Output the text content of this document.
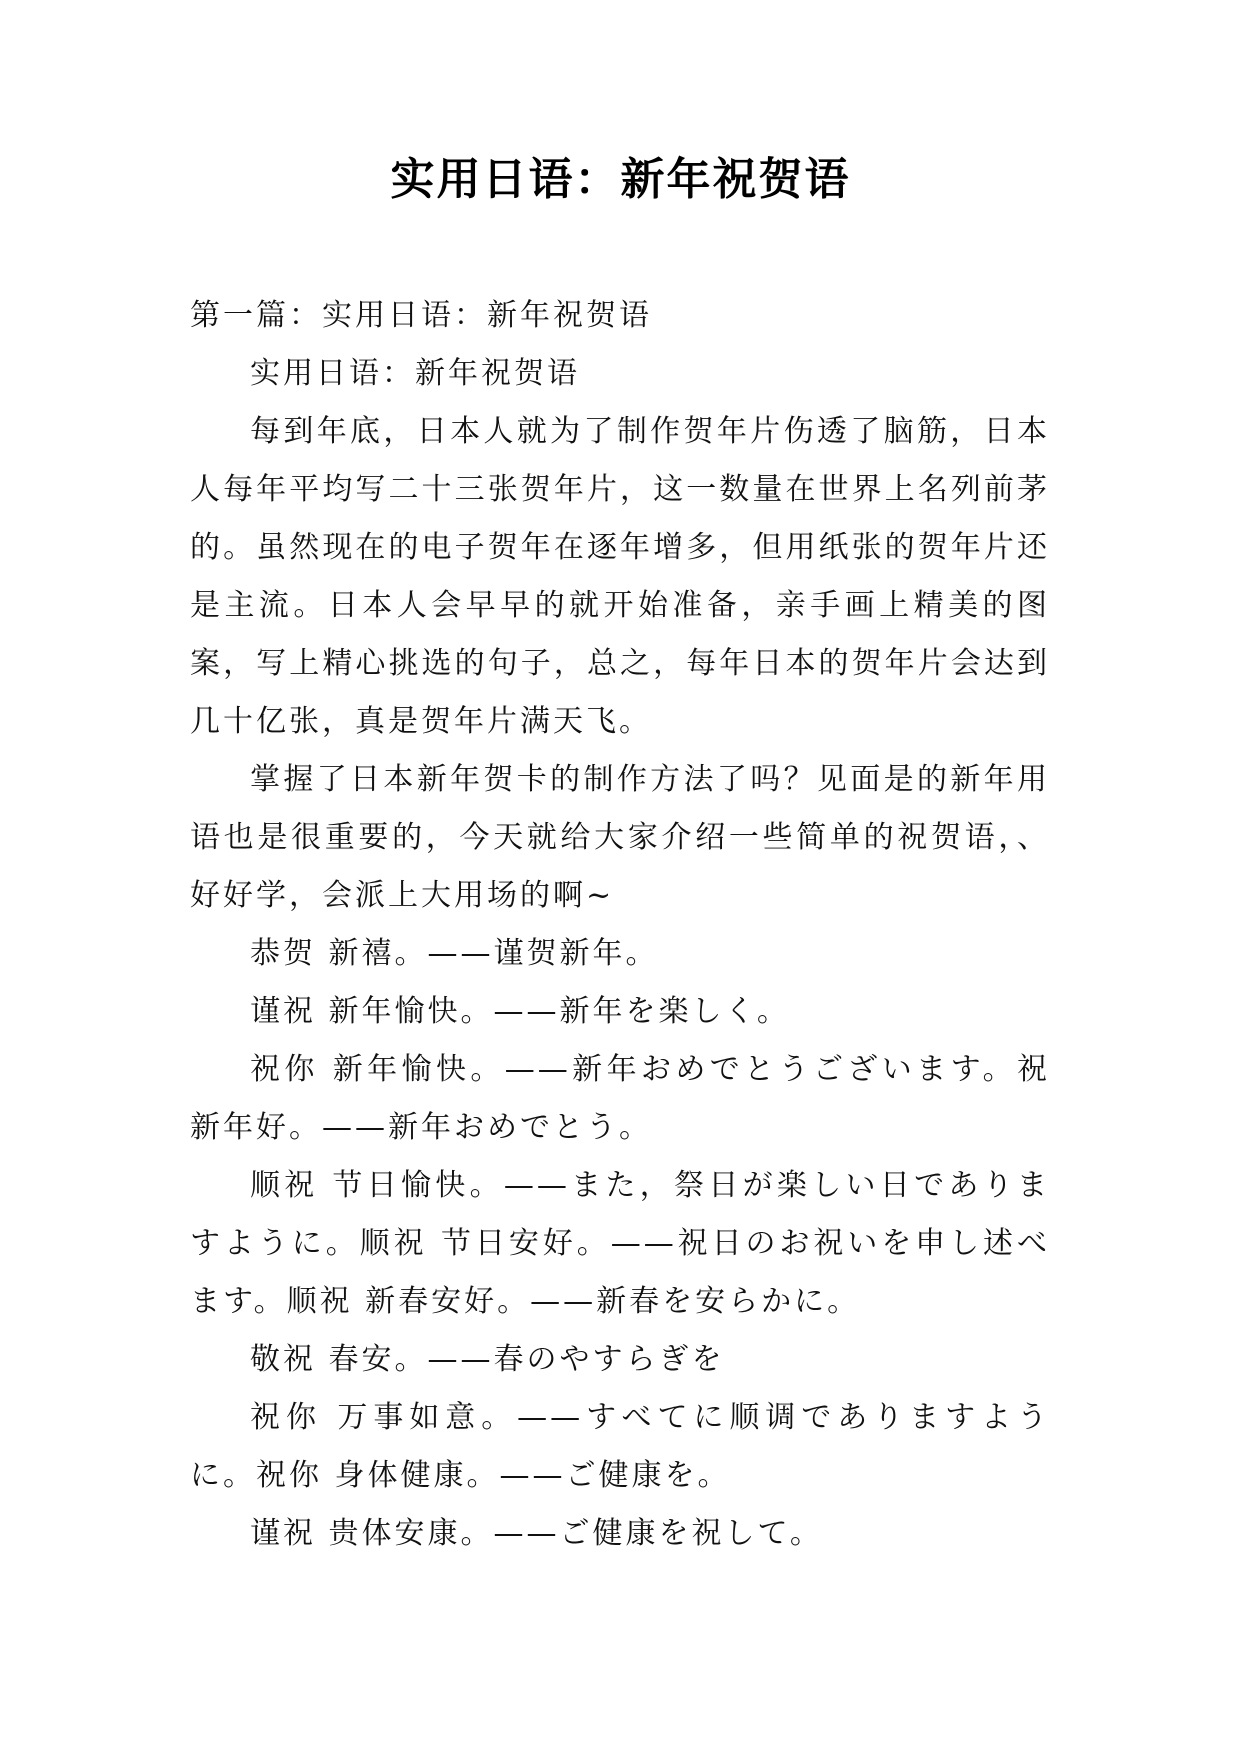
实用日语：新年祝贺语

第一篇：实用日语：新年祝贺语

实用日语：新年祝贺语

每到年底，日本人就为了制作贺年片伤透了脑筋，日本人每年平均写二十三张贺年片，这一数量在世界上名列前茅的。虽然现在的电子贺年在逐年增多，但用纸张的贺年片还是主流。日本人会早早的就开始准备，亲手画上精美的图案，写上精心挑选的句子，总之，每年日本的贺年片会达到几十亿张，真是贺年片满天飞。

掌握了日本新年贺卡的制作方法了吗？见面是的新年用语也是很重要的，今天就给大家介绍一些简单的祝贺语，、好好学，会派上大用场的啊~

恭贺 新禧。——谨贺新年。

谨祝 新年愉快。——新年を楽しく。

祝你 新年愉快。——新年おめでとうございます。祝新年好。——新年おめでとう。

顺祝 节日愉快。——また，祭日が楽しい日でありますように。顺祝 节日安好。——祝日のお祝いを申し述べます。顺祝 新春安好。——新春を安らかに。

敬祝 春安。——春のやすらぎを

祝你 万事如意。——すべてに顺调でありますように。祝你 身体健康。——ご健康を。

谨祝 贵体安康。——ご健康を祝して。
